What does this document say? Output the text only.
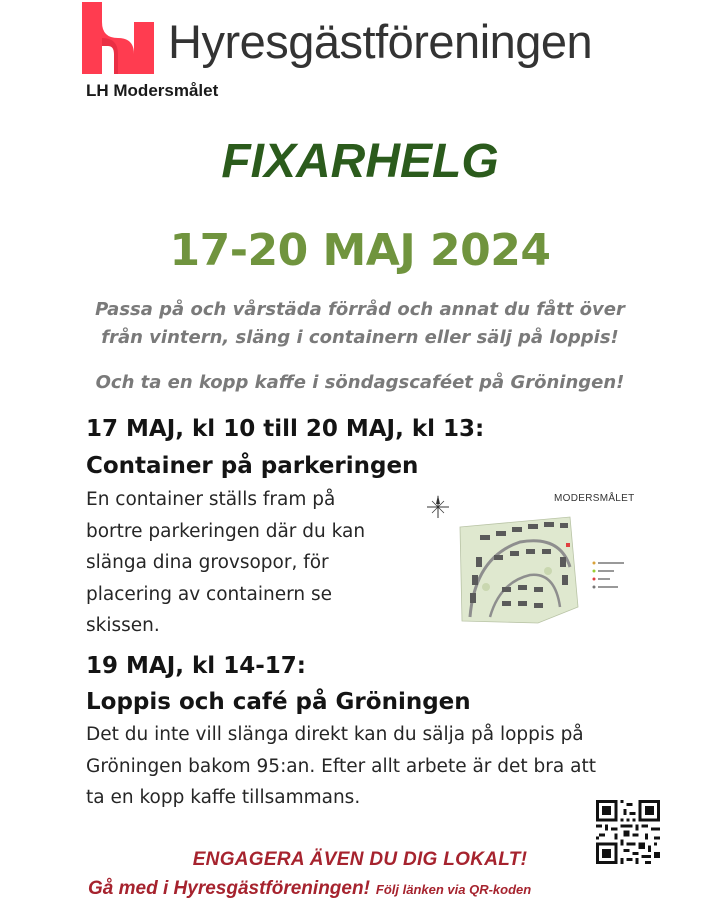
Hyresgästföreningen
LH Modersmålet
FIXARHELG
17-20 MAJ 2024
Passa på och vårstäda förråd och annat du fått över
från vintern, släng i containern eller sälj på loppis!
Och ta en kopp kaffe i söndagscaféet på Gröningen!
17 MAJ, kl 10 till 20 MAJ, kl 13:
Container på parkeringen
En container ställs fram på
bortre parkeringen där du kan
slänga dina grovsopor, för
placering av containern se
skissen.
MODERSMÅLET
19 MAJ, kl 14-17:
Loppis och café på Gröningen
Det du inte vill slänga direkt kan du sälja på loppis på
Gröningen bakom 95:an. Efter allt arbete är det bra att
ta en kopp kaffe tillsammans.
ENGAGERA ÄVEN DU DIG LOKALT!
Gå med i Hyresgästföreningen! Följ länken via QR-koden
